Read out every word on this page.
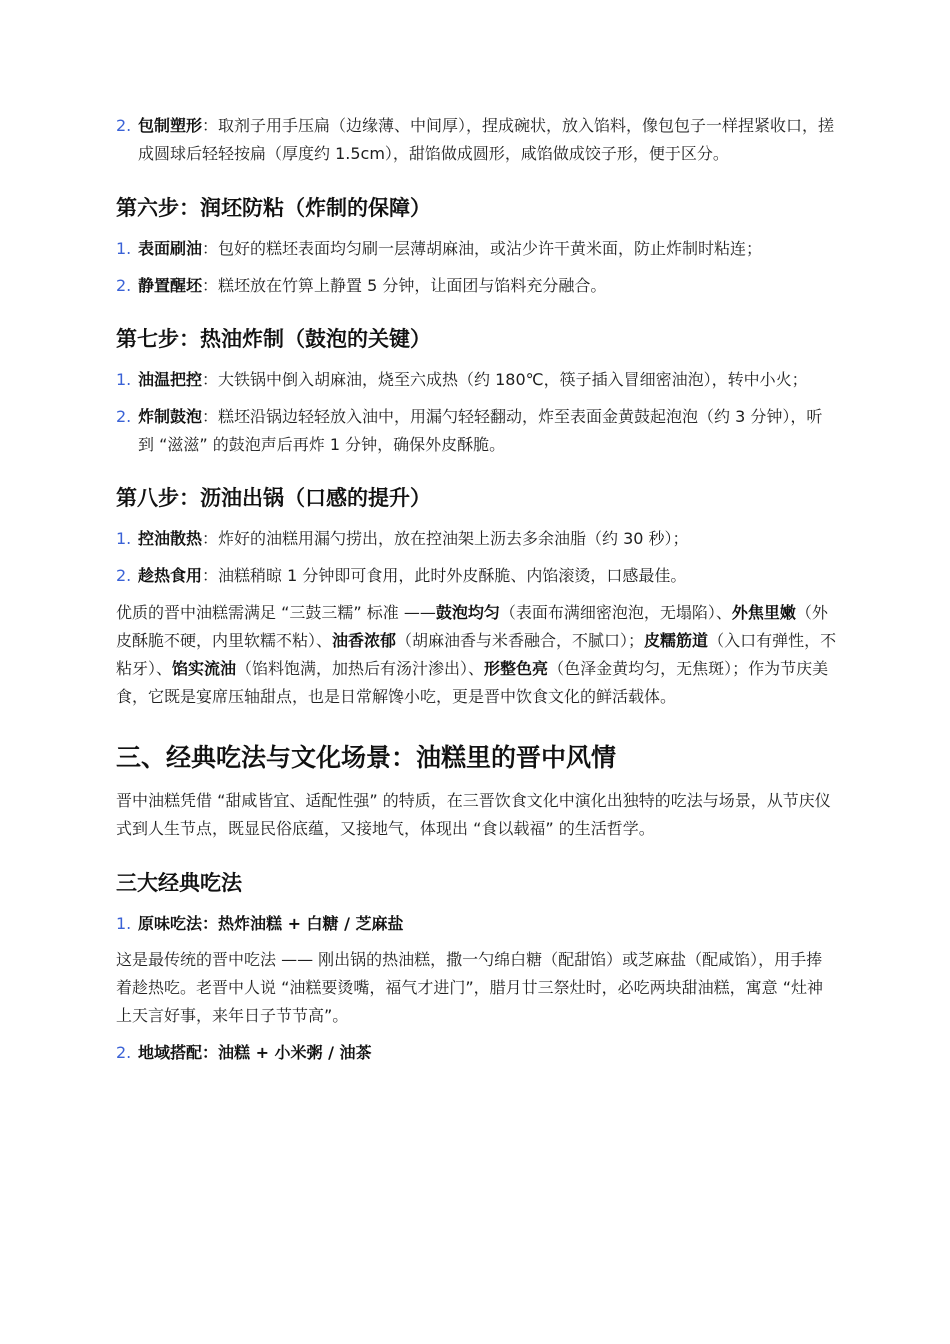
2. 包制塑形：取剂子用手压扁（边缘薄、中间厚），捏成碗状，放入馅料，像包包子一样捏紧收口，搓成圆球后轻轻按扁（厚度约 1.5cm），甜馅做成圆形，咸馅做成饺子形，便于区分。
第六步：润坯防粘（炸制的保障）
1. 表面刷油：包好的糕坯表面均匀刷一层薄胡麻油，或沾少许干黄米面，防止炸制时粘连；
2. 静置醒坯：糕坯放在竹箅上静置 5 分钟，让面团与馅料充分融合。
第七步：热油炸制（鼓泡的关键）
1. 油温把控：大铁锅中倒入胡麻油，烧至六成热（约 180℃，筷子插入冒细密油泡），转中小火；
2. 炸制鼓泡：糕坯沿锅边轻轻放入油中，用漏勺轻轻翻动，炸至表面金黄鼓起泡泡（约 3 分钟），听到 “滋滋” 的鼓泡声后再炸 1 分钟，确保外皮酥脆。
第八步：沥油出锅（口感的提升）
1. 控油散热：炸好的油糕用漏勺捞出，放在控油架上沥去多余油脂（约 30 秒）；
2. 趁热食用：油糕稍晾 1 分钟即可食用，此时外皮酥脆、内馅滚烫，口感最佳。
优质的晋中油糕需满足 “三鼓三糯” 标准 ——鼓泡均匀（表面布满细密泡泡，无塌陷）、外焦里嫩（外皮酥脆不硬，内里软糯不粘）、油香浓郁（胡麻油香与米香融合，不腻口）；皮糯筋道（入口有弹性，不粘牙）、馅实流油（馅料饱满，加热后有汤汁渗出）、形整色亮（色泽金黄均匀，无焦斑）；作为节庆美食，它既是宴席压轴甜点，也是日常解馋小吃，更是晋中饮食文化的鲜活载体。
三、经典吃法与文化场景：油糕里的晋中风情
晋中油糕凭借 “甜咸皆宜、适配性强” 的特质，在三晋饮食文化中演化出独特的吃法与场景，从节庆仪式到人生节点，既显民俗底蕴，又接地气，体现出 “食以载福” 的生活哲学。
三大经典吃法
1. 原味吃法：热炸油糕 + 白糖 / 芝麻盐
这是最传统的晋中吃法 —— 刚出锅的热油糕，撒一勺绵白糖（配甜馅）或芝麻盐（配咸馅），用手捧着趁热吃。老晋中人说 “油糕要烫嘴，福气才进门”，腊月廿三祭灶时，必吃两块甜油糕，寓意 “灶神上天言好事，来年日子节节高”。
2. 地域搭配：油糕 + 小米粥 / 油茶
